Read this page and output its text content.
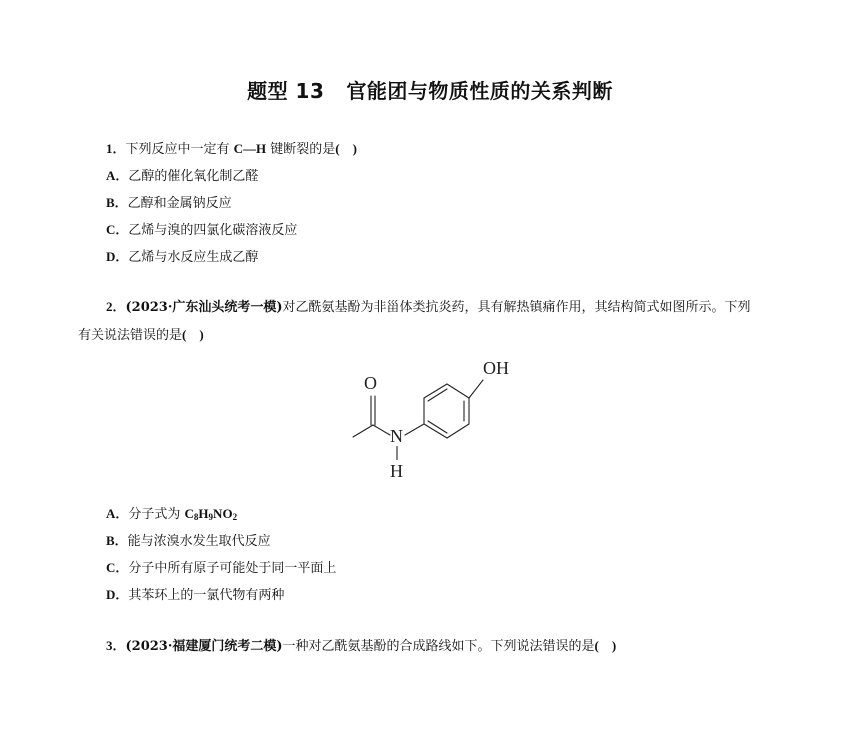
题型 13 官能团与物质性质的关系判断
1．下列反应中一定有 C—H 键断裂的是(　)
A．乙醇的催化氧化制乙醛
B．乙醇和金属钠反应
C．乙烯与溴的四氯化碳溶液反应
D．乙烯与水反应生成乙醇
2．(2023·广东汕头统考一模)对乙酰氨基酚为非甾体类抗炎药，具有解热镇痛作用，其结构简式如图所示。下列
有关说法错误的是(　)
O
N
H
OH
A．分子式为 $C_8H_9NO_2$
B．能与浓溴水发生取代反应
C．分子中所有原子可能处于同一平面上
D．其苯环上的一氯代物有两种
3．(2023·福建厦门统考二模)一种对乙酰氨基酚的合成路线如下。下列说法错误的是(　)
